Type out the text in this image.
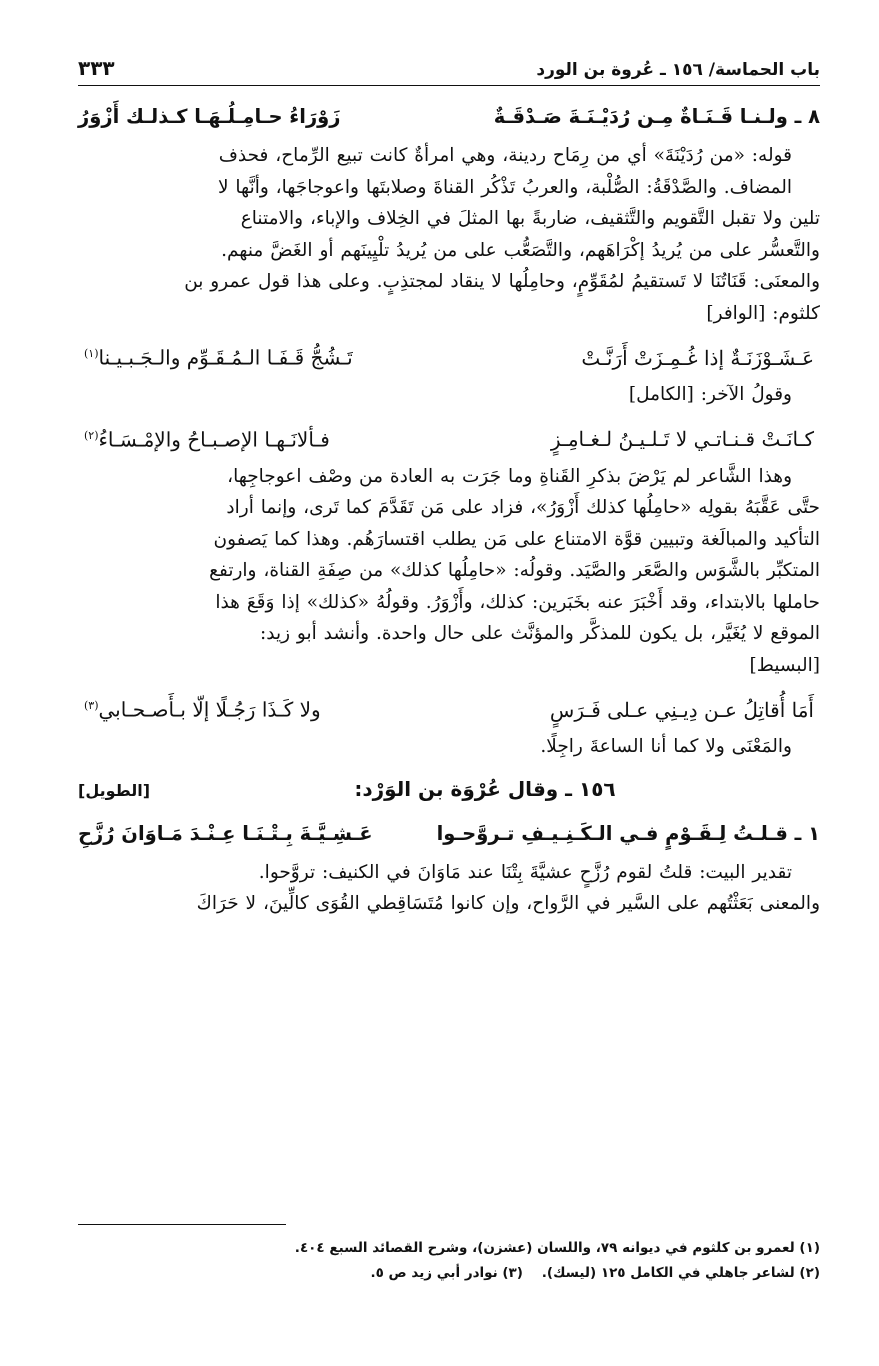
باب الحماسة/ ١٥٦ ـ عُروة بن الورد
٣٣٣
٨ ـ ولـنـا قَـنَـاةٌ مِـن رُدَيْـنَـةَ صَـدْقَـةٌ
زَوْرَاءُ حـامِـلُـهَـا كـذلـك أَزْوَرُ

قوله: «من رُدَيْنَةَ» أي من رِمَاح ردينة، وهي امرأةٌ كانت تبيع الرِّماح، فحذف

المضاف. والصَّدْقَةُ: الصُّلْبة، والعربُ تَذْكُر القناةَ وصلابتَها واعوجاجَها، وأنَّها لا

تلين ولا تقبل التَّقويم والتَّثقيف، ضاربةً بها المثلَ في الخِلاف والإباء، والامتناع

والتَّعسُّر على من يُريدُ إكْرَاهَهم، والتَّصَعُّب على من يُريدُ تلْيِينَهم أو الغَضَّ منهم.

والمعنَى: قَنَاتُنَا لا تَستقيمُ لمُقَوِّمٍ، وحامِلُها لا ينقاد لمجتذِبٍ. وعلى هذا قول عمرو بن

كلثوم: [الوافر]

عَـشَـوْزَنَـةٌ إذا غُـمِـزَتْ أَرَنَّـتْ
تَـشُجُّ قَـفَـا الـمُـقَـوِّم والـجَـبـيـنا$^{(١)}$

وقولُ الآخر: [الكامل]

كـانَـتْ قـنـاتـي لا تَـلـيـنُ لـغـامِـزٍ
فـألانَـهـا الإصـبـاحُ والإمْـسَـاءُ$^{(٢)}$

وهذا الشَّاعر لم يَرْضَ بذكرِ القَناةِ وما جَرَت به العادة من وصْف اعوجاجِها،

حتَّى عَقَّبَهُ بقولِه «حامِلُها كذلك أَزْوَرُ»، فزاد على مَن تَقَدَّمَ كما تَرى، وإنما أراد

التأكيد والمبالَغة وتبيين قوَّة الامتناع على مَن يطلب اقتسارَهُم. وهذا كما يَصفون

المتكبِّر بالشَّوَس والصَّعَر والصَّيَد. وقولُه: «حامِلُها كذلك» من صِفَةِ القناة، وارتفع

حاملها بالابتداء، وقد أَخْبَرَ عنه بخَبَرين: كذلك، وأَزْوَرُ. وقولُهُ «كذلك» إذا وَقَعَ هذا

الموقع لا يُغَيَّر، بل يكون للمذكَّر والمؤنَّث على حال واحدة. وأنشد أبو زيد:

[البسيط]

أَمَا أُقاتِلُ عـن دِيـنِي عـلى فَـرَسٍ
ولا كَـذَا رَجُـلًا إلّا بـأَصـحـابي$^{(٣)}$

والمَعْنَى ولا كما أنا الساعةَ راجِلًا.

١٥٦ ـ وقال عُرْوَة بن الوَرْد:
[الطويل]
١ ـ قـلـتُ لِـقَـوْمٍ فـي الـكَـنِـيـفِ تـروَّحـوا
عَـشِـيَّـةَ بِـتْـنَـا عِـنْـدَ مَـاوَانَ رُزَّحِ

تقدير البيت: قلتُ لقوم رُزَّحٍ عشيَّةَ بِتْنَا عند مَاوَانَ في الكنيف: تروَّحوا.

والمعنى بَعَثْتُهم على السَّير في الرَّواح، وإن كانوا مُتَسَاقِطي القُوَى كالِّينَ، لا حَرَاكَ

(١) لعمرو بن كلثوم في ديوانه ٧٩، واللسان (عشزن)، وشرح القصائد السبع ٤٠٤.
(٢) لشاعر جاهلي في الكامل ١٢٥ (ليسك).    (٣) نوادر أبي زيد ص ٥.
